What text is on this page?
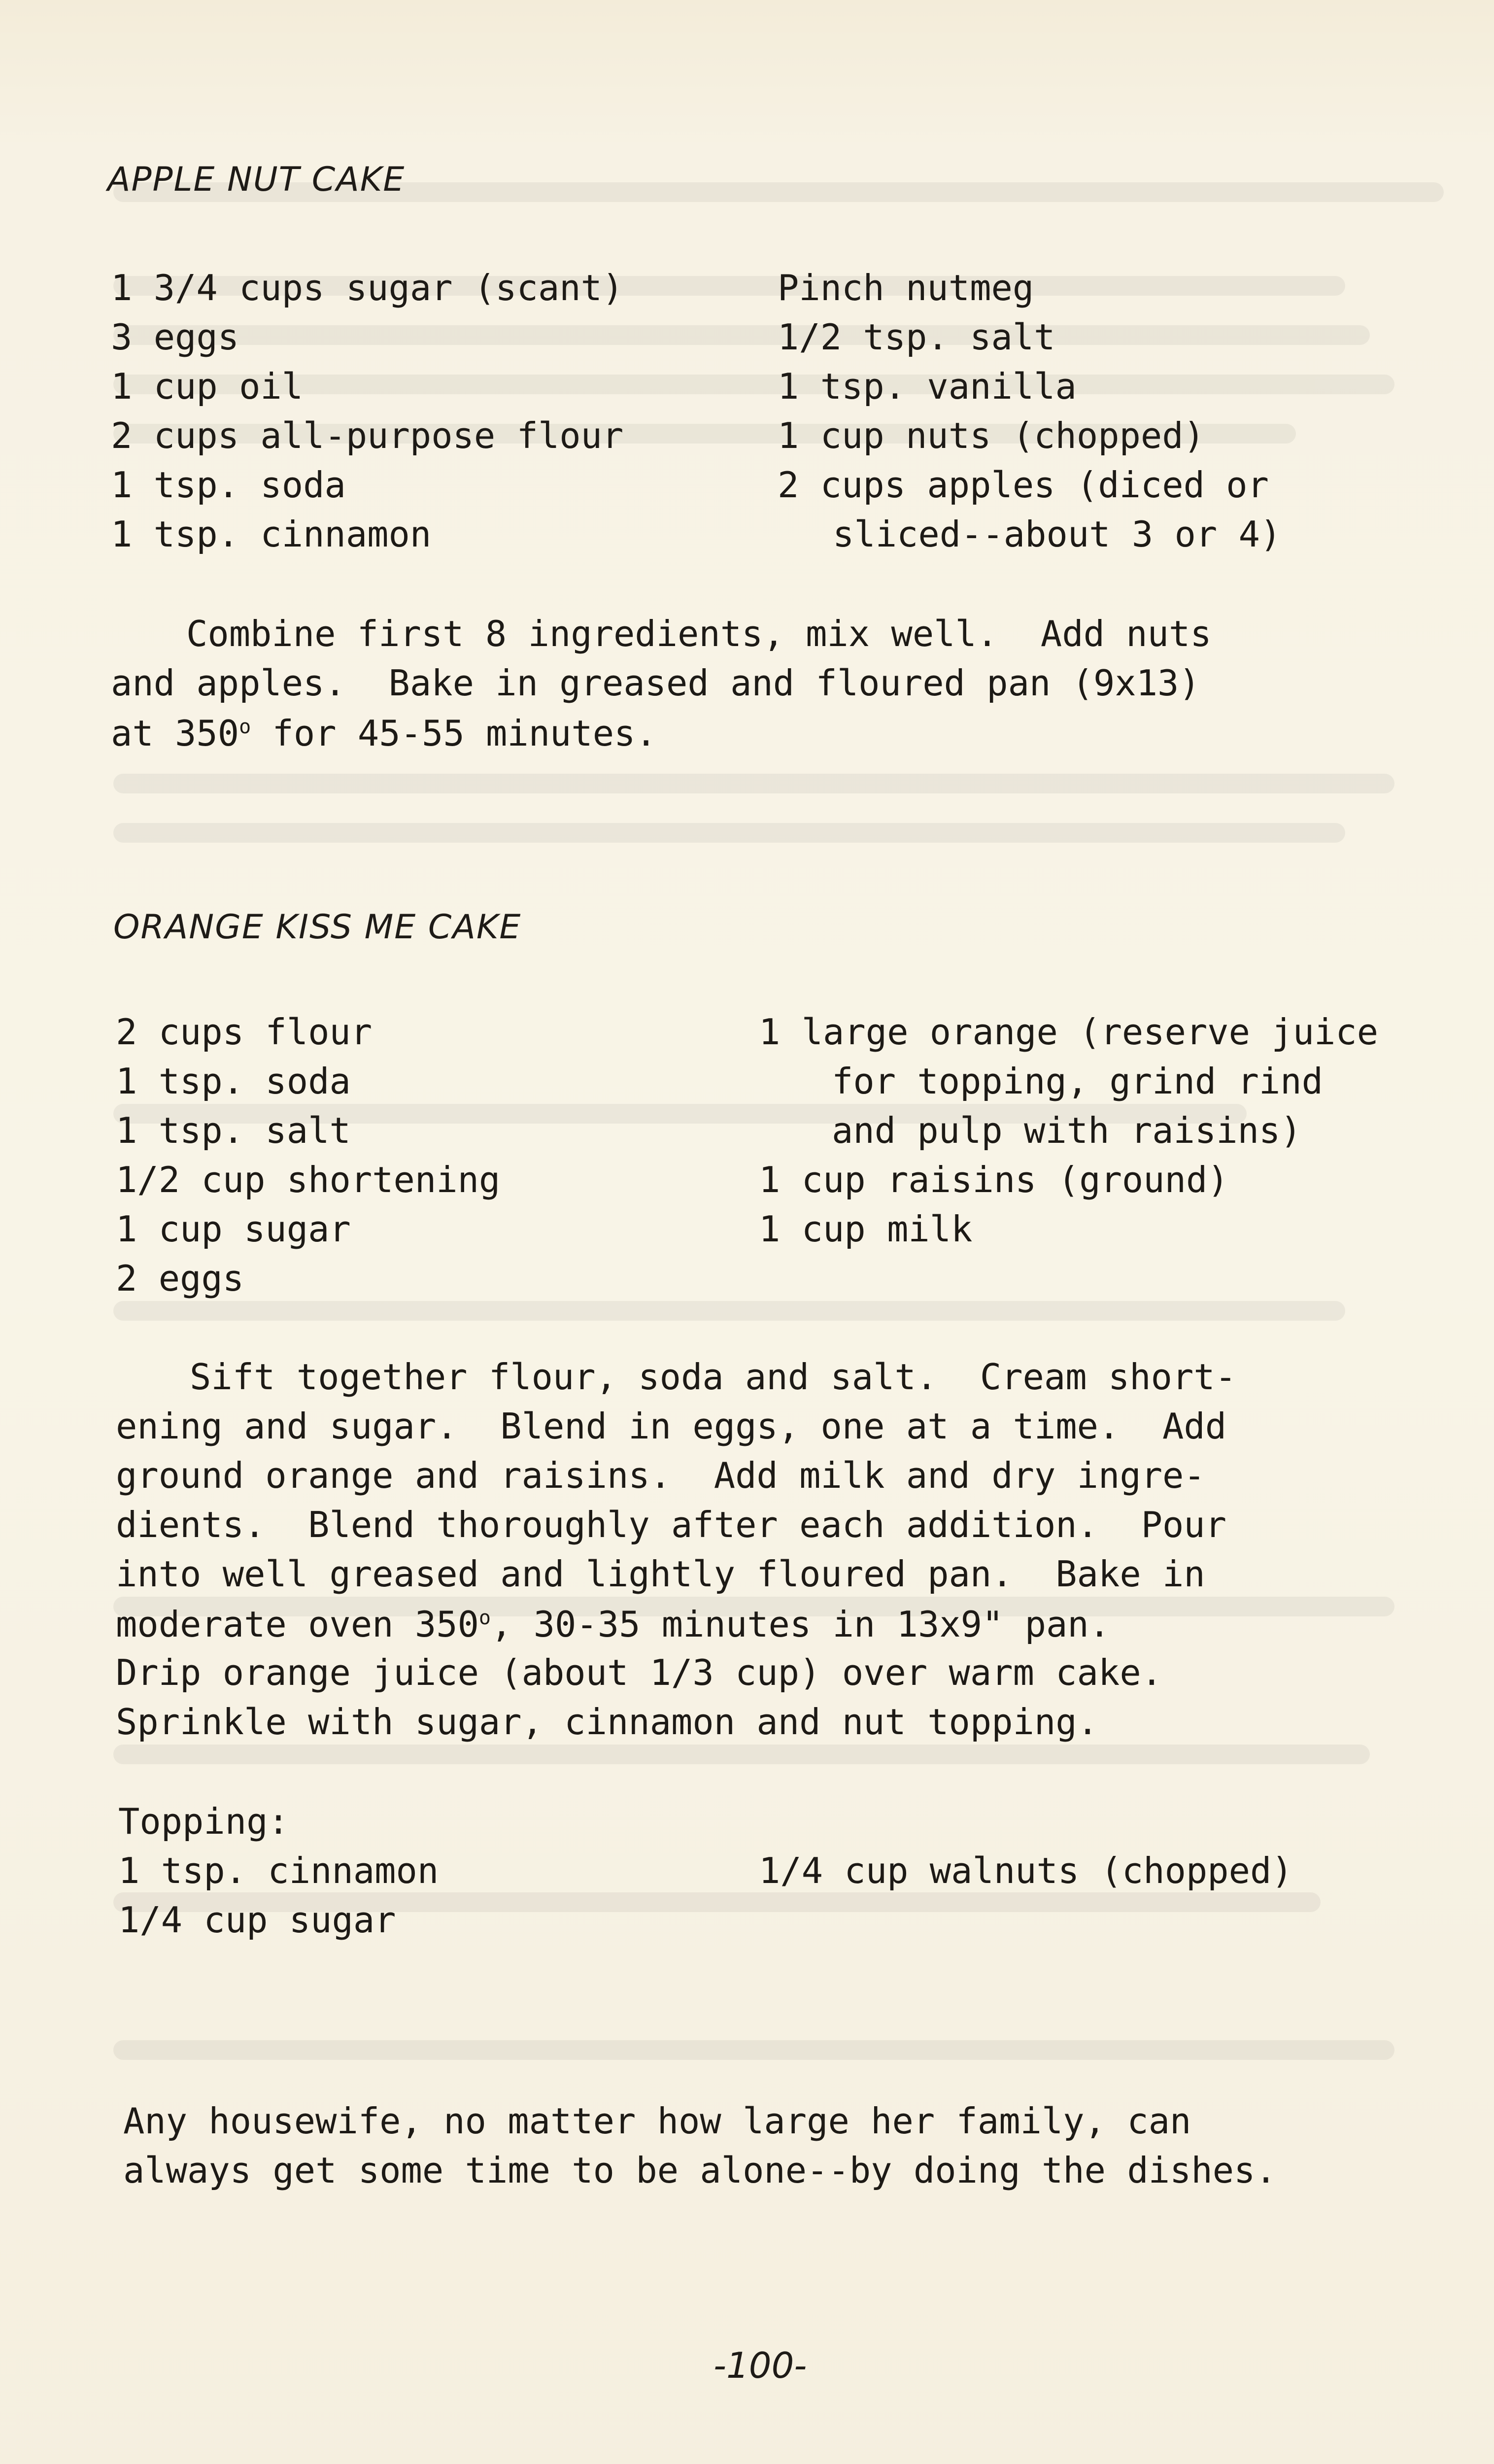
APPLE NUT CAKE
1 3/4 cups sugar (scant)
3 eggs
1 cup oil
2 cups all-purpose flour
1 tsp. soda
1 tsp. cinnamon
Pinch nutmeg
1/2 tsp. salt
1 tsp. vanilla
1 cup nuts (chopped)
2 cups apples (diced or
sliced--about 3 or 4)
Combine first 8 ingredients, mix well.  Add nuts
and apples.  Bake in greased and floured pan (9x13)
at 350$^o$ for 45-55 minutes.
ORANGE KISS ME CAKE
2 cups flour
1 tsp. soda
1 tsp. salt
1/2 cup shortening
1 cup sugar
2 eggs
1 large orange (reserve juice
for topping, grind rind
and pulp with raisins)
1 cup raisins (ground)
1 cup milk
Sift together flour, soda and salt.  Cream short-
ening and sugar.  Blend in eggs, one at a time.  Add
ground orange and raisins.  Add milk and dry ingre-
dients.  Blend thoroughly after each addition.  Pour
into well greased and lightly floured pan.  Bake in
moderate oven 350$^o$, 30-35 minutes in 13x9" pan.
Drip orange juice (about 1/3 cup) over warm cake.
Sprinkle with sugar, cinnamon and nut topping.
Topping:
1 tsp. cinnamon
1/4 cup sugar
1/4 cup walnuts (chopped)
Any housewife, no matter how large her family, can
always get some time to be alone--by doing the dishes.
-100-
